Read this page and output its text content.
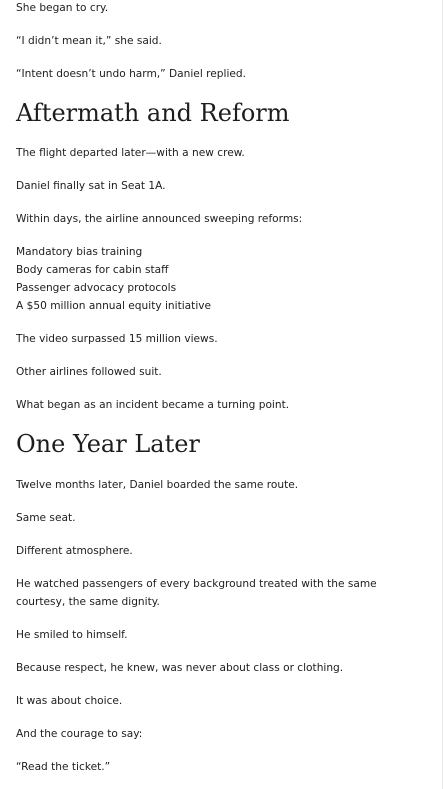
She began to cry.

“I didn’t mean it,” she said.

“Intent doesn’t undo harm,” Daniel replied.

Aftermath and Reform

The flight departed later—with a new crew.

Daniel finally sat in Seat 1A.

Within days, the airline announced sweeping reforms:

Mandatory bias training
Body cameras for cabin staff
Passenger advocacy protocols
A $50 million annual equity initiative

The video surpassed 15 million views.

Other airlines followed suit.

What began as an incident became a turning point.

One Year Later

Twelve months later, Daniel boarded the same route.

Same seat.

Different atmosphere.

He watched passengers of every background treated with the same courtesy, the same dignity.

He smiled to himself.

Because respect, he knew, was never about class or clothing.

It was about choice.

And the courage to say:

“Read the ticket.”
